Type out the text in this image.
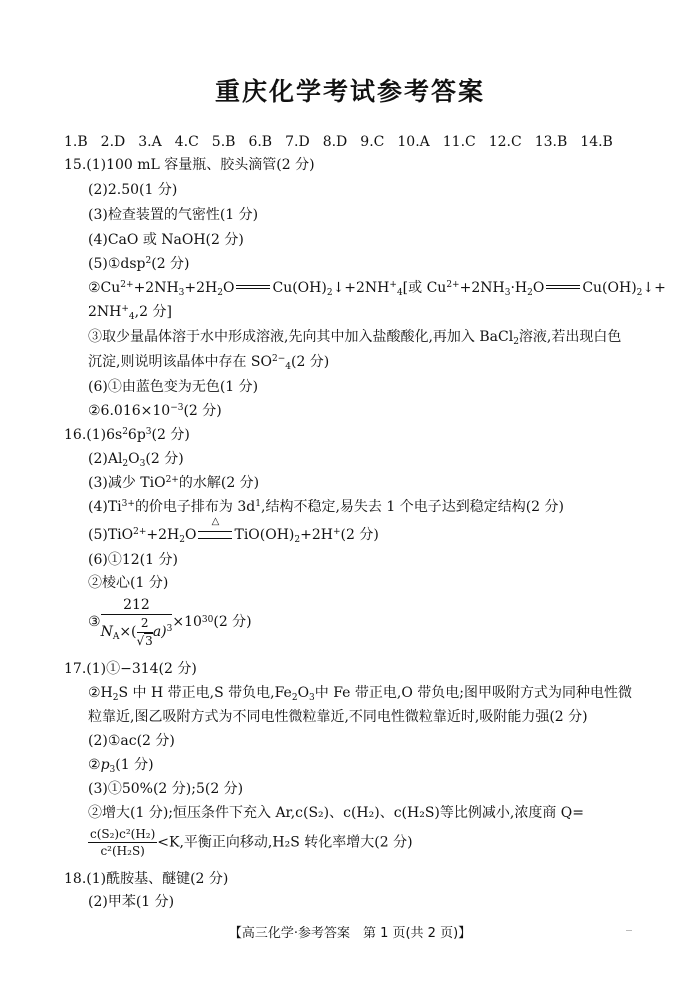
重庆化学考试参考答案
1.B 2.D 3.A 4.C 5.B 6.B 7.D 8.D 9.C 10.A 11.C 12.C 13.B 14.B
15.(1)100 mL 容量瓶、胶头滴管(2 分)
(2)2.50(1 分)
(3)检查装置的气密性(1 分)
(4)CaO 或 NaOH(2 分)
(5)①dsp$^2$(2 分)
$②Cu^{2+}+2NH_3+2H_2O$	$Cu(OH)_2↓+2NH^+_4$[或 $Cu^{2+}+2NH_3\cdot H_2O$	$Cu(OH)_2↓+$
$2NH^+_4,2$ 分]
③取少量晶体溶于水中形成溶液,先向其中加入盐酸酸化,再加入 BaCl$_2$溶液,若出现白色
沉淀,则说明该晶体中存在 $SO^{2-}_4(2$ 分)
(6)①由蓝色变为无色(1 分)
$②6.016\times 10^{-3}(2$ 分)
$16.(1)6s^26p^3(2$ 分)
$(2)Al_2O_3(2$ 分)
(3)减少 TiO$^{2+}$的水解(2 分)
$(4)Ti^{3+}$的价电子排布为 $3d^1$,结构不稳定,易失去 1 个电子达到稳定结构(2 分)
$(5)TiO^{2+}+2H_2O$
△
$TiO(OH)_2+2H^+(2$ 分)
(6)①12(1 分)
②棱心(1 分)
③ $\frac{212}{N_A\times( \frac{2}{√3} a)^3} \times 10^{30}(2$ 分)
17.(1)①−314(2 分)
$②H_2S$ 中 H 带正电,S 带负电$,Fe_2O_3$中 Fe 带正电,O 带负电;图甲吸附方式为同种电性微
粒靠近,图乙吸附方式为不同电性微粒靠近,不同电性微粒靠近时,吸附能力强(2 分)
(2)①ac(2 分)
$②p_3(1$ 分)
(3)①50%(2 分);5(2 分)
②增大(1 分);恒压条件下充入 Ar,c(S₂)、c(H₂)、c(H₂S)等比例减小,浓度商 Q=
$\frac{\text{c(S₂)c²(H₂)}}{\text{c²(H₂S)}} <K$,平衡正向移动,H₂S 转化率增大(2 分)
18.(1)酰胺基、醚键(2 分)
(2)甲苯(1 分)
【高三化学·参考答案　第 1 页(共 2 页)】
